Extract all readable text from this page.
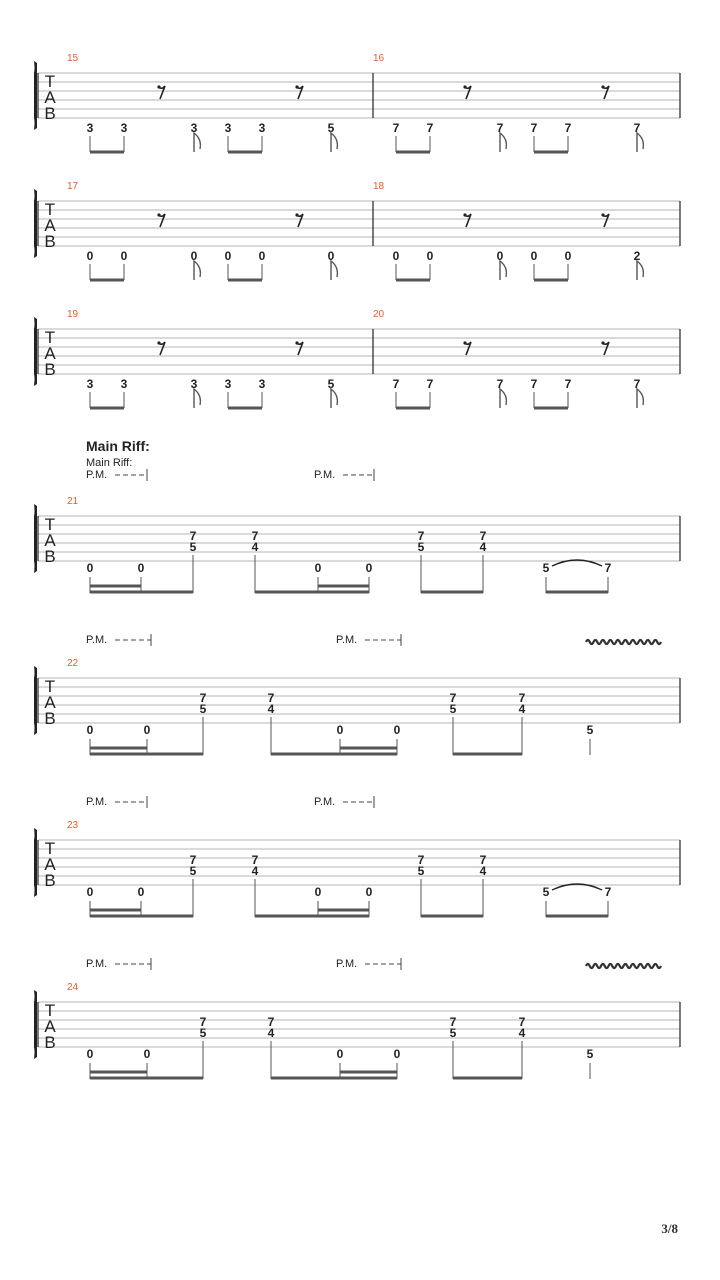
T
A
B
15
3 3	3 3 3	5
16
7 7	7 7 7	7
T
A
B
17
0 0	0 0 0	0
18
0 0	0 0 0	2
T
A
B
19
3 3	3 3 3	5
20
7 7	7 7 7	7
T
A
B
21
Main Riff:
Main Riff:
P.M.	P.M.
0	0
7
5
7
4
0	0
7
5
7
4
5	7
T
A
B
22
P.M.	P.M.
0	0
7
5
7
4
0	0
7
5
7
4
5
T
A
B
23
P.M.	P.M.
0	0
7
5
7
4
0	0
7
5
7
4
5	7
T
A
B
24
P.M.	P.M.
0	0
7
5
7
4
0	0
7
5
7
4
5
3/8
